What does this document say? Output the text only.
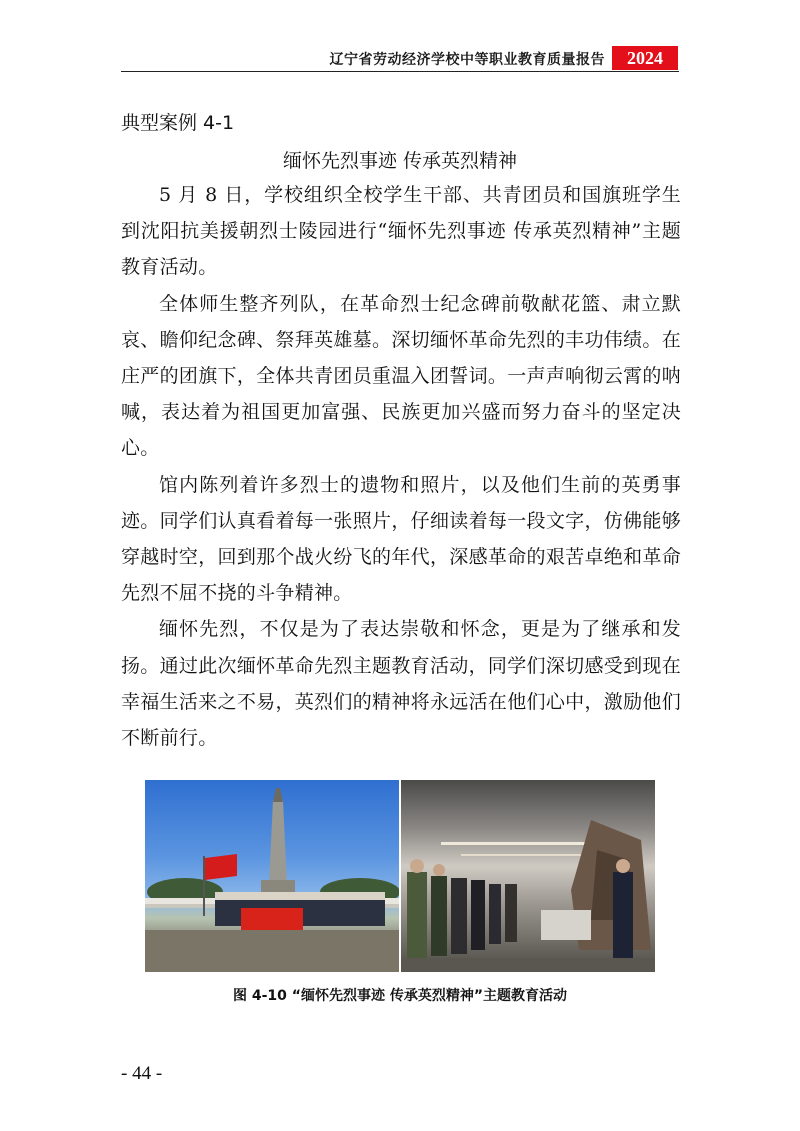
辽宁省劳动经济学校中等职业教育质量报告	2024
典型案例 4-1
缅怀先烈事迹 传承英烈精神

5 月 8 日，学校组织全校学生干部、共青团员和国旗班学生到沈阳抗美援朝烈士陵园进行“缅怀先烈事迹 传承英烈精神”主题教育活动。

全体师生整齐列队，在革命烈士纪念碑前敬献花篮、肃立默哀、瞻仰纪念碑、祭拜英雄墓。深切缅怀革命先烈的丰功伟绩。在庄严的团旗下，全体共青团员重温入团誓词。一声声响彻云霄的呐喊，表达着为祖国更加富强、民族更加兴盛而努力奋斗的坚定决心。

馆内陈列着许多烈士的遗物和照片，以及他们生前的英勇事迹。同学们认真看着每一张照片，仔细读着每一段文字，仿佛能够穿越时空，回到那个战火纷飞的年代，深感革命的艰苦卓绝和革命先烈不屈不挠的斗争精神。

缅怀先烈，不仅是为了表达崇敬和怀念，更是为了继承和发扬。通过此次缅怀革命先烈主题教育活动，同学们深切感受到现在幸福生活来之不易，英烈们的精神将永远活在他们心中，激励他们不断前行。

图 4-10 “缅怀先烈事迹 传承英烈精神”主题教育活动
- 44 -
